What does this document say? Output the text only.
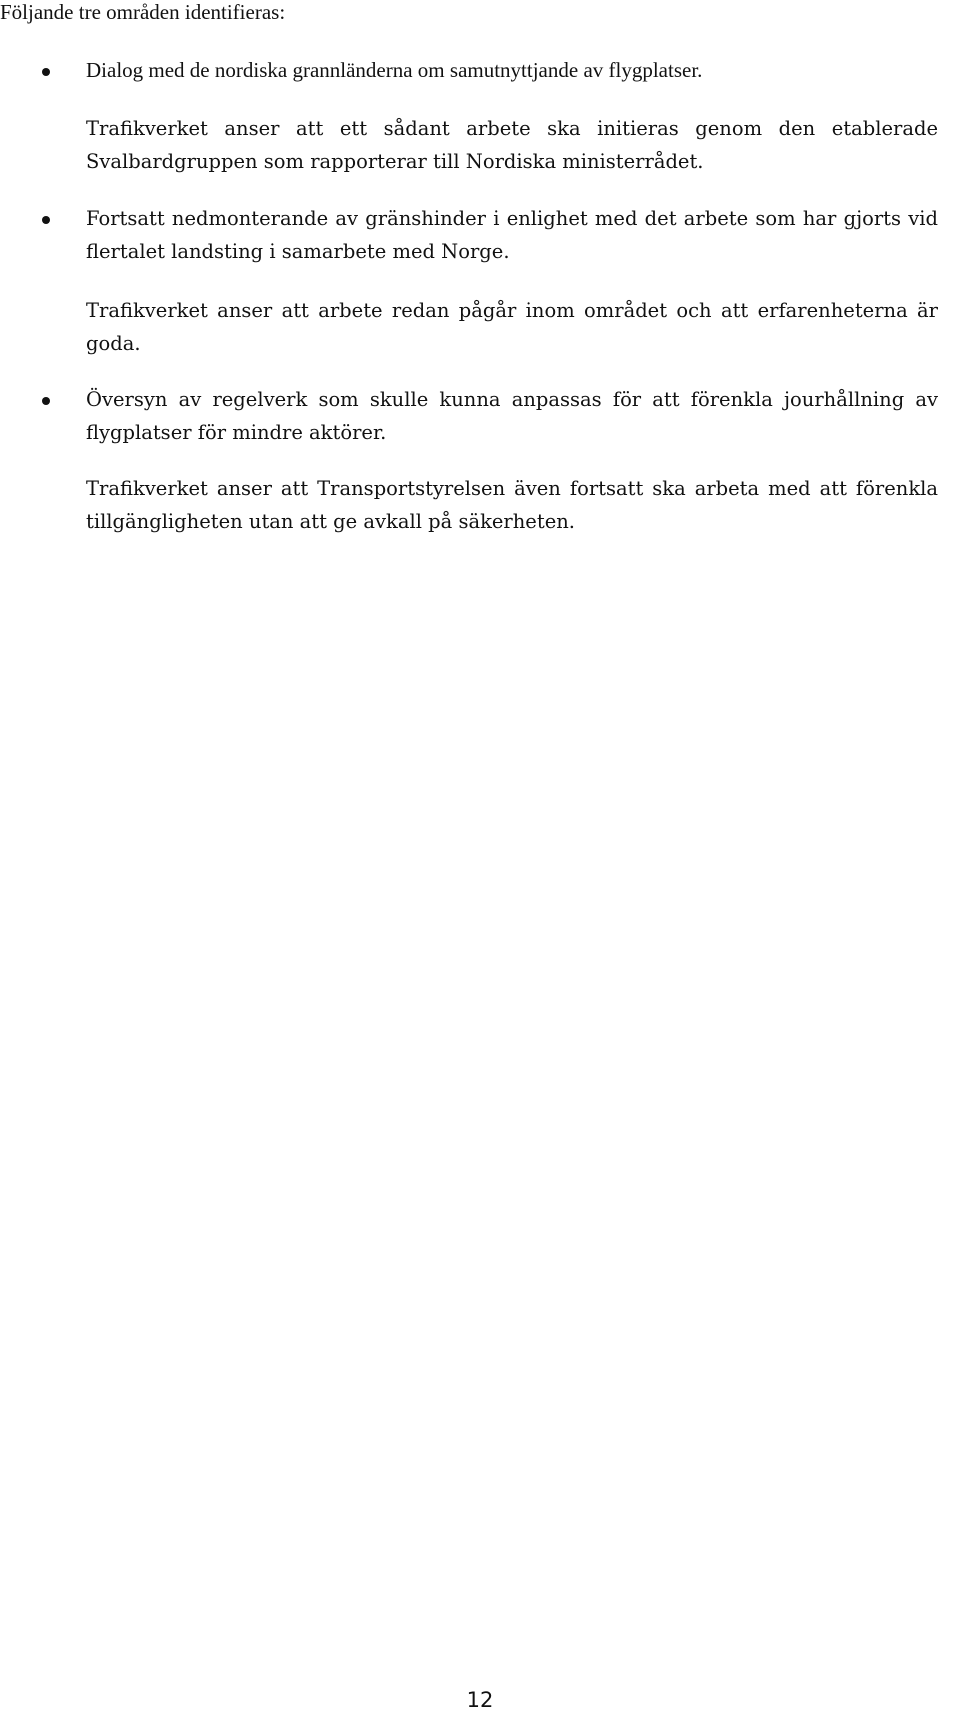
Följande tre områden identifieras:

Dialog med de nordiska grannländerna om samutnyttjande av flygplatser.

Trafikverket anser att ett sådant arbete ska initieras genom den etablerade Svalbardgruppen som rapporterar till Nordiska ministerrådet.

Fortsatt nedmonterande av gränshinder i enlighet med det arbete som har gjorts vid flertalet landsting i samarbete med Norge.

Trafikverket anser att arbete redan pågår inom området och att erfarenheterna är goda.

Översyn av regelverk som skulle kunna anpassas för att förenkla jourhållning av flygplatser för mindre aktörer.

Trafikverket anser att Transportstyrelsen även fortsatt ska arbeta med att förenkla tillgängligheten utan att ge avkall på säkerheten.

12
